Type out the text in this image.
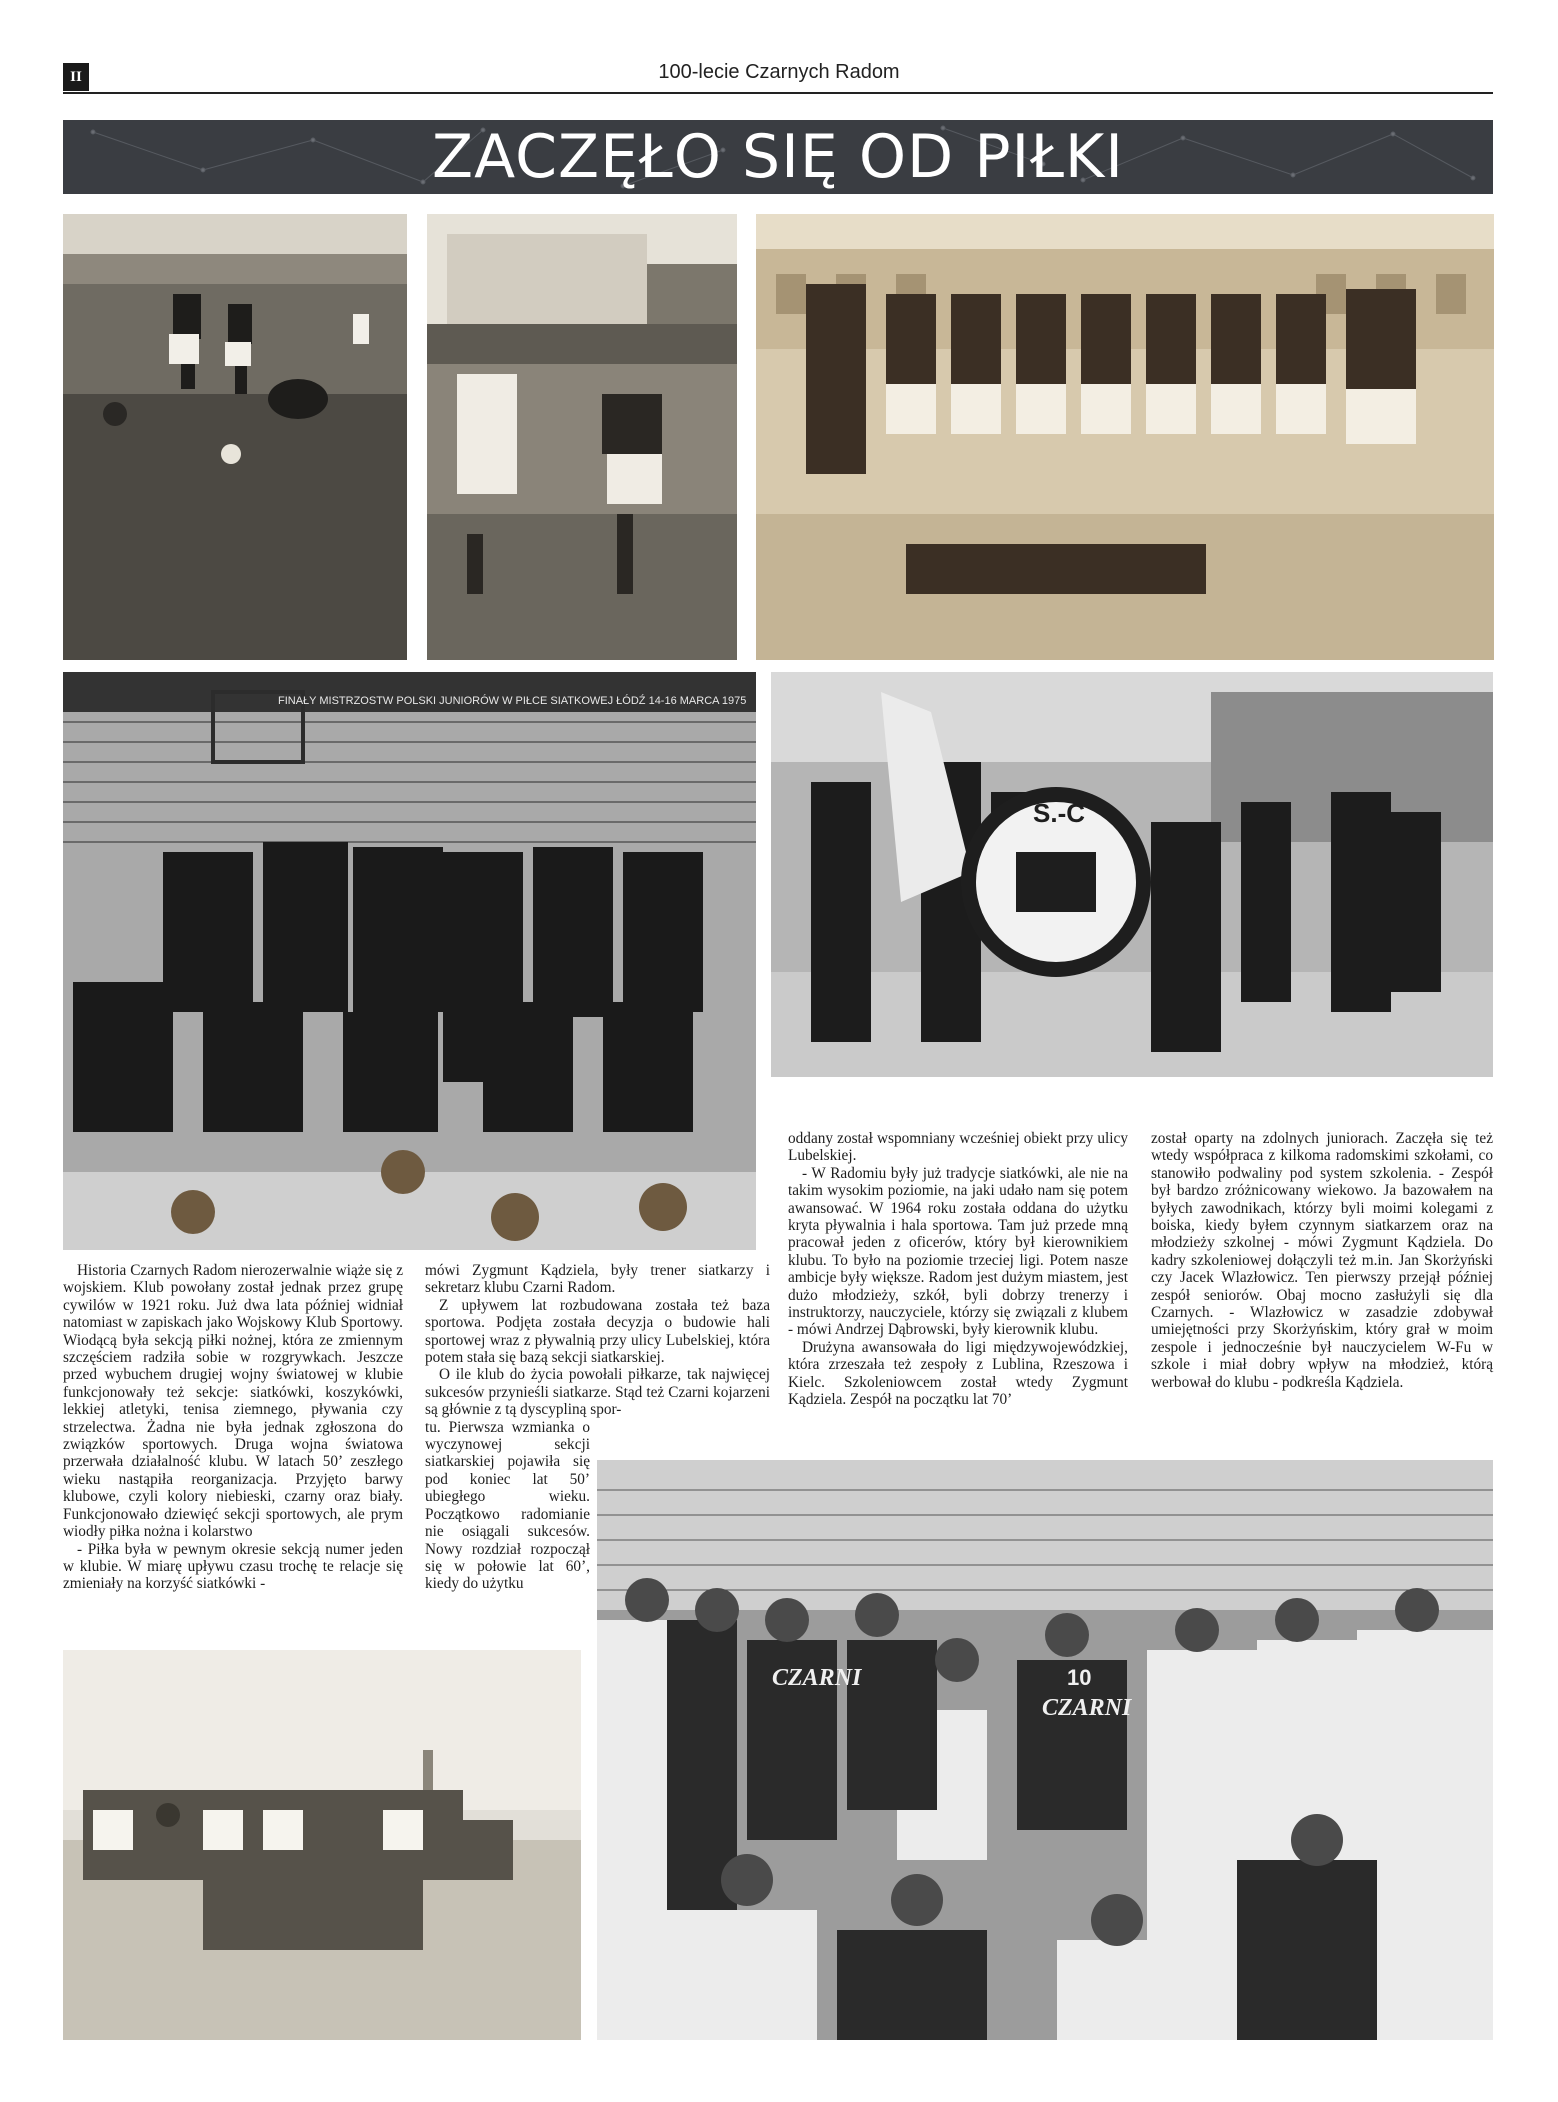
II	100-lecie Czarnych Radom
ZACZĘŁO SIĘ OD PIŁKI
FINAŁY MISTRZOSTW POLSKI JUNIORÓW W PIŁCE SIATKOWEJ ŁÓDŹ 14-16 MARCA 1975
S.-C

Historia Czarnych Radom nierozerwalnie wiąże się z wojskiem. Klub powołany został jednak przez grupę cywilów w 1921 roku. Już dwa lata później widniał natomiast w zapiskach jako Wojskowy Klub Sportowy. Wiodącą była sekcją piłki nożnej, która ze zmiennym szczęściem radziła sobie w rozgrywkach. Jeszcze przed wybuchem drugiej wojny światowej w klubie funkcjonowały też sekcje: siatkówki, koszykówki, lekkiej atletyki, tenisa ziemnego, pływania czy strzelectwa. Żadna nie była jednak zgłoszona do związków sportowych. Druga wojna światowa przerwała działalność klubu. W latach 50’ zeszłego wieku nastąpiła reorganizacja. Przyjęto barwy klubowe, czyli kolory niebieski, czarny oraz biały. Funkcjonowało dziewięć sekcji sportowych, ale prym wiodły piłka nożna i kolarstwo

- Piłka była w pewnym okresie sekcją numer jeden w klubie. W miarę upływu czasu trochę te relacje się zmieniały na korzyść siatkówki -

mówi Zygmunt Kądziela, były trener siatkarzy i sekretarz klubu Czarni Radom.

Z upływem lat rozbudowana została też baza sportowa. Podjęta została decyzja o budowie hali sportowej wraz z pływalnią przy ulicy Lubelskiej, która potem stała się bazą sekcji siatkarskiej.

O ile klub do życia powołali piłkarze, tak najwięcej sukcesów przynieśli siatkarze. Stąd też Czarni kojarzeni są głównie z tą dyscypliną spor-

tu. Pierwsza wzmianka o wyczynowej sekcji siatkarskiej pojawiła się pod koniec lat 50’ ubiegłego wieku. Początkowo radomianie nie osiągali sukcesów. Nowy rozdział rozpoczął się w połowie lat 60’, kiedy do użytku

oddany został wspomniany wcześniej obiekt przy ulicy Lubelskiej.

- W Radomiu były już tradycje siatkówki, ale nie na takim wysokim poziomie, na jaki udało nam się potem awansować. W 1964 roku została oddana do użytku kryta pływalnia i hala sportowa. Tam już przede mną pracował jeden z oficerów, który był kierownikiem klubu. To było na poziomie trzeciej ligi. Potem nasze ambicje były większe. Radom jest dużym miastem, jest dużo młodzieży, szkół, byli dobrzy trenerzy i instruktorzy, nauczyciele, którzy się związali z klubem - mówi Andrzej Dąbrowski, były kierownik klubu.

Drużyna awansowała do ligi międzywojewódzkiej, która zrzeszała też zespoły z Lublina, Rzeszowa i Kielc. Szkoleniowcem został wtedy Zygmunt Kądziela. Zespół na początku lat 70’

został oparty na zdolnych juniorach. Zaczęła się też wtedy współpraca z kilkoma radomskimi szkołami, co stanowiło podwaliny pod system szkolenia. - Zespół był bardzo zróżnicowany wiekowo. Ja bazowałem na byłych zawodnikach, którzy byli moimi kolegami z boiska, kiedy byłem czynnym siatkarzem oraz na młodzieży szkolnej - mówi Zygmunt Kądziela. Do kadry szkoleniowej dołączyli też m.in. Jan Skorżyński czy Jacek Wlazłowicz. Ten pierwszy przejął później zespół seniorów. Obaj mocno zasłużyli się dla Czarnych. - Wlazłowicz w zasadzie zdobywał umiejętności przy Skorżyńskim, który grał w moim zespole i jednocześnie był nauczycielem W-Fu w szkole i miał dobry wpływ na młodzież, którą werbował do klubu - podkreśla Kądziela.

CZARNI
CZARNI
10
